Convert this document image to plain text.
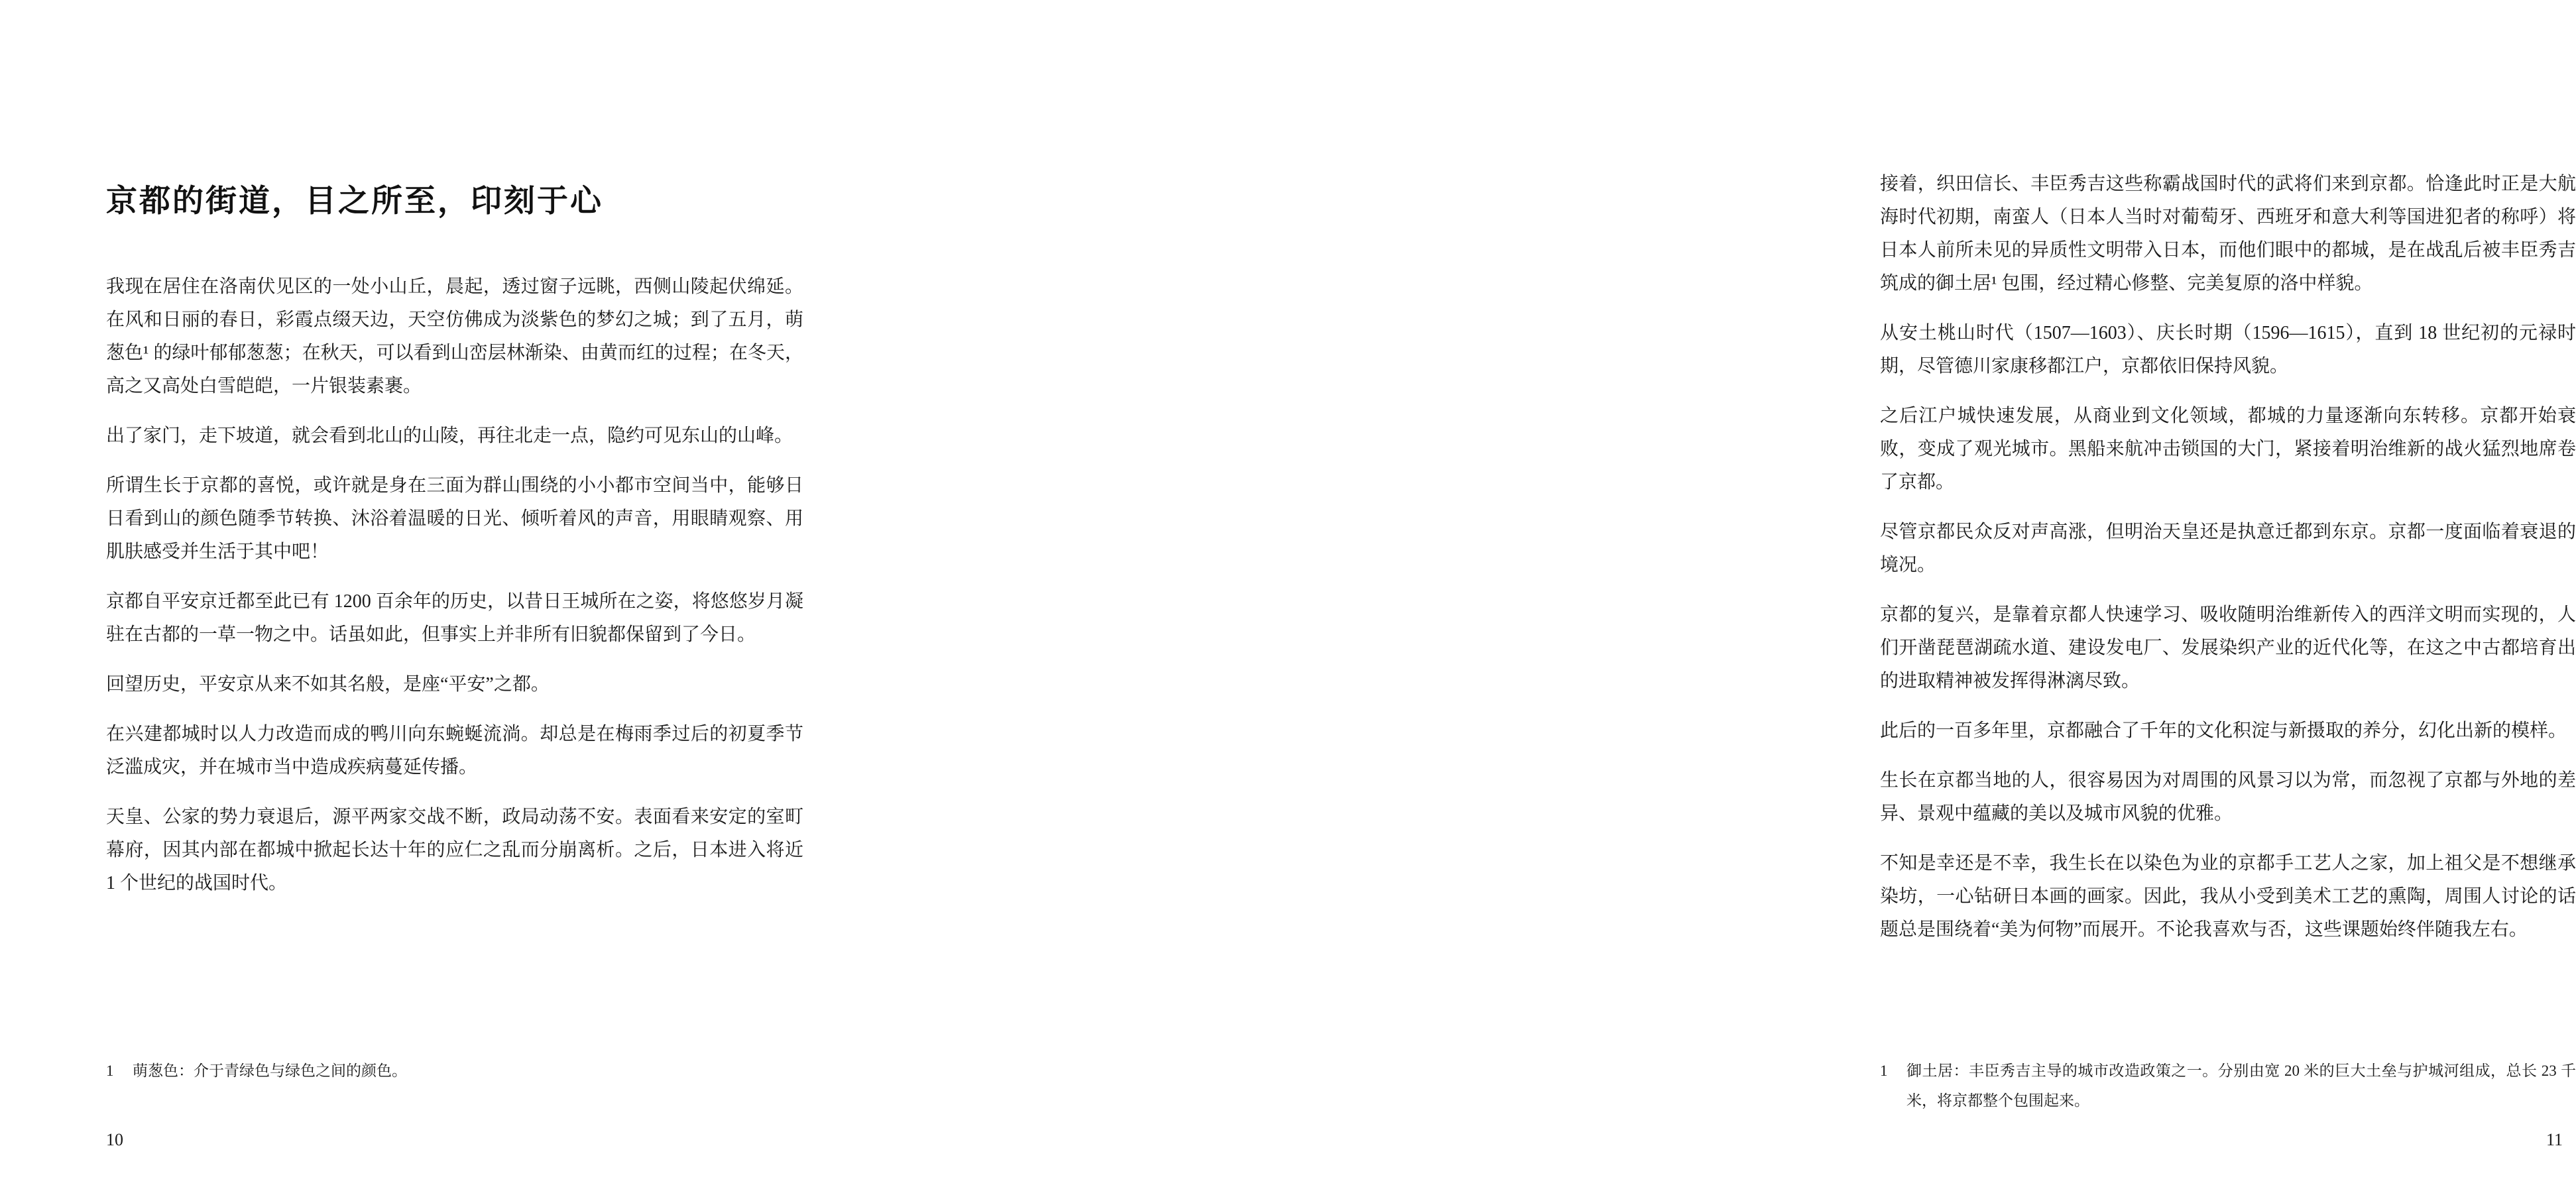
京都的街道，目之所至，印刻于心

我现在居住在洛南伏见区的一处小山丘，晨起，透过窗子远眺，西侧山陵起伏绵延。在风和日丽的春日，彩霞点缀天边，天空仿佛成为淡紫色的梦幻之城；到了五月，萌葱色¹ 的绿叶郁郁葱葱；在秋天，可以看到山峦层林渐染、由黄而红的过程；在冬天，高之又高处白雪皑皑，一片银装素裹。

出了家门，走下坡道，就会看到北山的山陵，再往北走一点，隐约可见东山的山峰。

所谓生长于京都的喜悦，或许就是身在三面为群山围绕的小小都市空间当中，能够日日看到山的颜色随季节转换、沐浴着温暖的日光、倾听着风的声音，用眼睛观察、用肌肤感受并生活于其中吧！

京都自平安京迁都至此已有 1200 百余年的历史，以昔日王城所在之姿，将悠悠岁月凝驻在古都的一草一物之中。话虽如此，但事实上并非所有旧貌都保留到了今日。

回望历史，平安京从来不如其名般，是座“平安”之都。

在兴建都城时以人力改造而成的鸭川向东蜿蜒流淌。却总是在梅雨季过后的初夏季节泛滥成灾，并在城市当中造成疾病蔓延传播。

天皇、公家的势力衰退后，源平两家交战不断，政局动荡不安。表面看来安定的室町幕府，因其内部在都城中掀起长达十年的应仁之乱而分崩离析。之后，日本进入将近 1 个世纪的战国时代。

1	萌葱色：介于青绿色与绿色之间的颜色。
10

接着，织田信长、丰臣秀吉这些称霸战国时代的武将们来到京都。恰逢此时正是大航海时代初期，南蛮人（日本人当时对葡萄牙、西班牙和意大利等国进犯者的称呼）将日本人前所未见的异质性文明带入日本，而他们眼中的都城，是在战乱后被丰臣秀吉筑成的御土居¹ 包围，经过精心修整、完美复原的洛中样貌。

从安土桃山时代（1507—1603）、庆长时期（1596—1615），直到 18 世纪初的元禄时期，尽管德川家康移都江户，京都依旧保持风貌。

之后江户城快速发展，从商业到文化领域，都城的力量逐渐向东转移。京都开始衰败，变成了观光城市。黑船来航冲击锁国的大门，紧接着明治维新的战火猛烈地席卷了京都。

尽管京都民众反对声高涨，但明治天皇还是执意迁都到东京。京都一度面临着衰退的境况。

京都的复兴，是靠着京都人快速学习、吸收随明治维新传入的西洋文明而实现的，人们开凿琵琶湖疏水道、建设发电厂、发展染织产业的近代化等，在这之中古都培育出的进取精神被发挥得淋漓尽致。

此后的一百多年里，京都融合了千年的文化积淀与新摄取的养分，幻化出新的模样。

生长在京都当地的人，很容易因为对周围的风景习以为常，而忽视了京都与外地的差异、景观中蕴藏的美以及城市风貌的优雅。

不知是幸还是不幸，我生长在以染色为业的京都手工艺人之家，加上祖父是不想继承染坊，一心钻研日本画的画家。因此，我从小受到美术工艺的熏陶，周围人讨论的话题总是围绕着“美为何物”而展开。不论我喜欢与否，这些课题始终伴随我左右。

1	御土居：丰臣秀吉主导的城市改造政策之一。分别由宽 20 米的巨大土垒与护城河组成，总长 23 千米，将京都整个包围起来。
11
